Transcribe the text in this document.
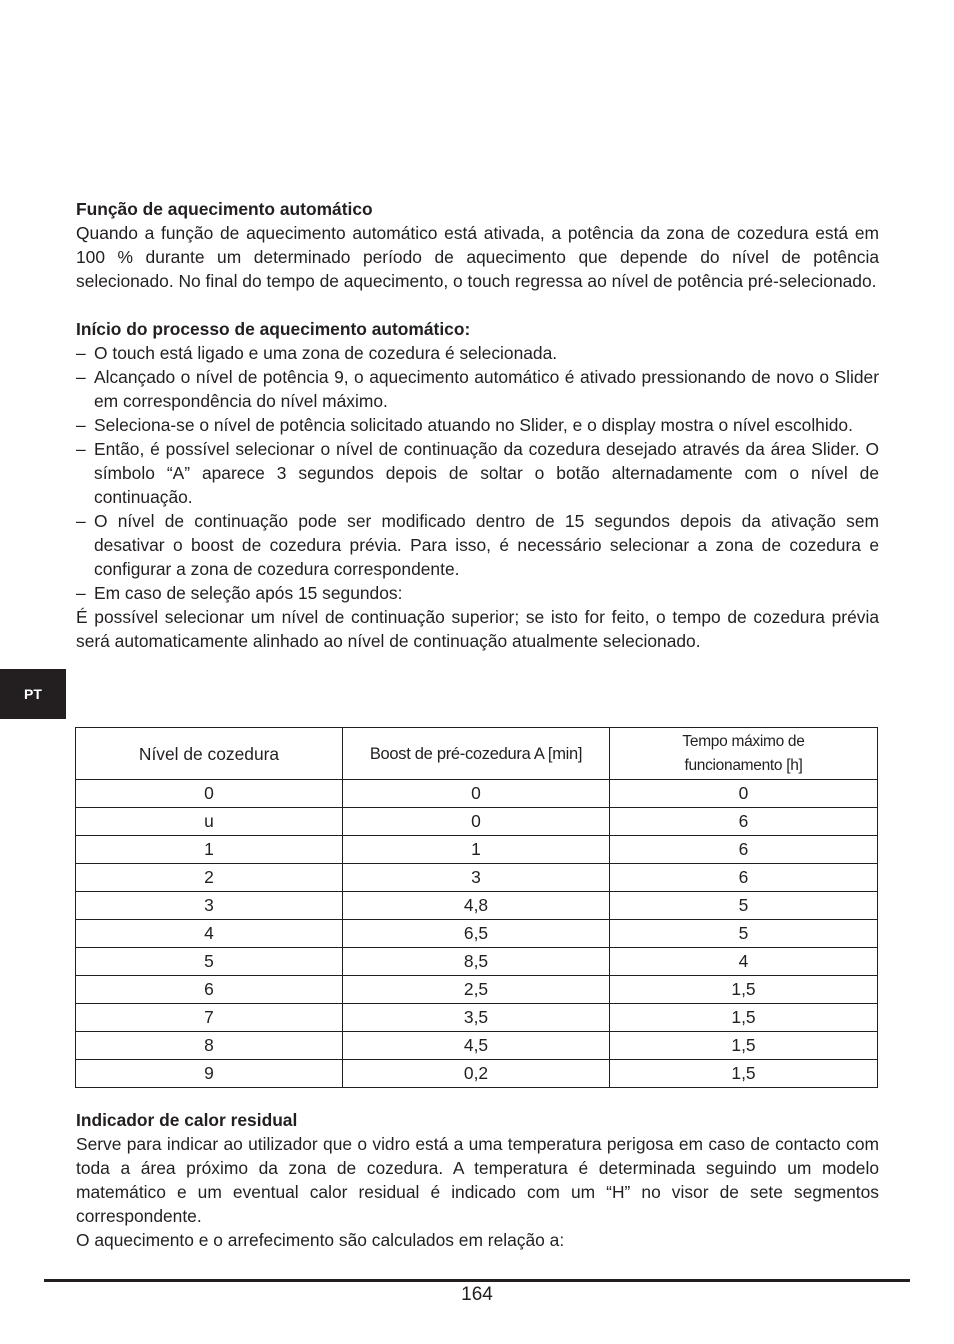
Função de aquecimento automático

Quando a função de aquecimento automático está ativada, a potência da zona de cozedura está em 100 % durante um determinado período de aquecimento que depende do nível de potência selecionado. No final do tempo de aquecimento, o touch regressa ao nível de potência pré-selecionado.

Início do processo de aquecimento automático:

– O touch está ligado e uma zona de cozedura é selecionada.
– Alcançado o nível de potência 9, o aquecimento automático é ativado pressionando de novo o Slider em correspondência do nível máximo.
– Seleciona-se o nível de potência solicitado atuando no Slider, e o display mostra o nível escolhido.
– Então, é possível selecionar o nível de continuação da cozedura desejado através da área Slider. O símbolo “A” aparece 3 segundos depois de soltar o botão alternadamente com o nível de continuação.
– O nível de continuação pode ser modificado dentro de 15 segundos depois da ativação sem desativar o boost de cozedura prévia. Para isso, é necessário selecionar a zona de cozedura e configurar a zona de cozedura correspondente.
– Em caso de seleção após 15 segundos:

É possível selecionar um nível de continuação superior; se isto for feito, o tempo de cozedura prévia será automaticamente alinhado ao nível de continuação atualmente selecionado.

PT
Nível de cozedura	Boost de pré-cozedura A [min]	Tempo máximo de
funcionamento [h]

0	0	0
u	0	6
1	1	6
2	3	6
3	4,8	5
4	6,5	5
5	8,5	4
6	2,5	1,5
7	3,5	1,5
8	4,5	1,5
9	0,2	1,5

Indicador de calor residual

Serve para indicar ao utilizador que o vidro está a uma temperatura perigosa em caso de contacto com toda a área próximo da zona de cozedura. A temperatura é determinada seguindo um modelo matemático e um eventual calor residual é indicado com um “H” no visor de sete segmentos correspondente.

O aquecimento e o arrefecimento são calculados em relação a:

164
